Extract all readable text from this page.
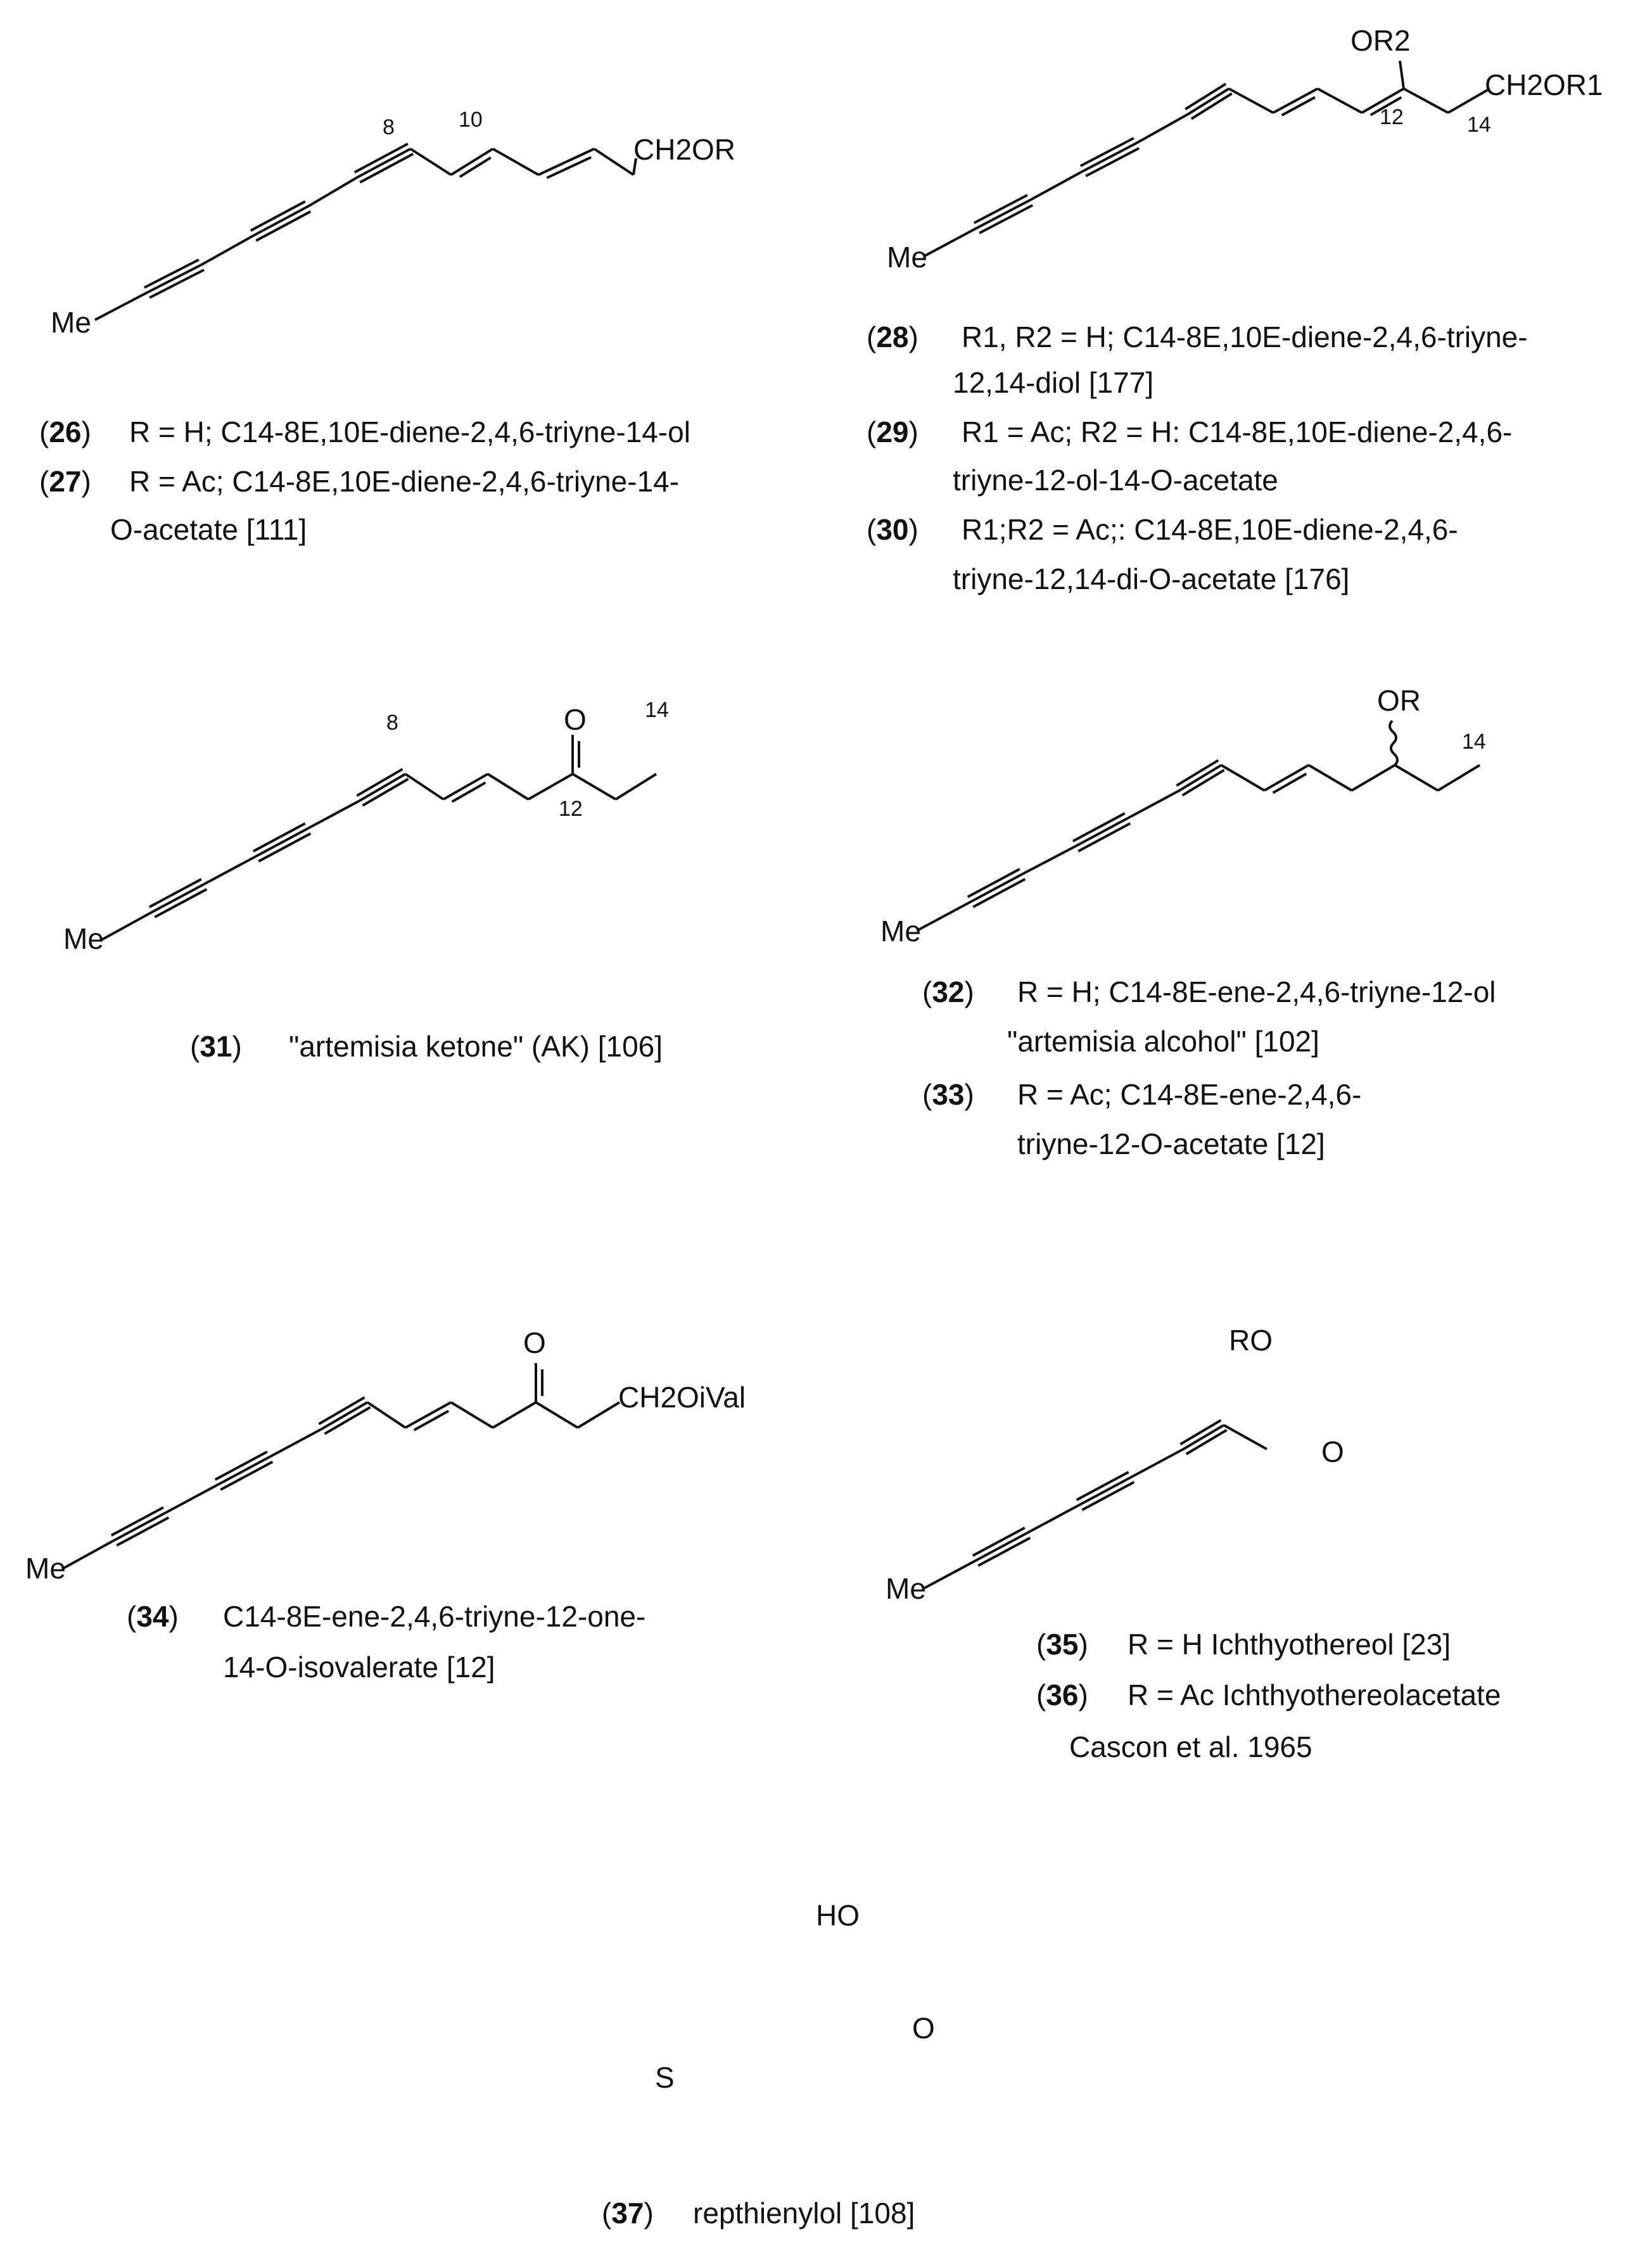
Me
8	10
CH2OR
Me
OR2
CH2OR1
12	14
Me
8	O	14
12
Me
OR
14
Me
O
CH2OiVal
Me
RO
O
HO
O
S
(26) R = H; C14-8E,10E-diene-2,4,6-triyne-14-ol
(27) R = Ac; C14-8E,10E-diene-2,4,6-triyne-14-
O-acetate [111]
(28) R1, R2 = H; C14-8E,10E-diene-2,4,6-triyne-
12,14-diol [177]
(29) R1 = Ac; R2 = H: C14-8E,10E-diene-2,4,6-
triyne-12-ol-14-O-acetate
(30) R1;R2 = Ac;: C14-8E,10E-diene-2,4,6-
triyne-12,14-di-O-acetate [176]
(31) "artemisia ketone" (AK) [106]
(32) R = H; C14-8E-ene-2,4,6-triyne-12-ol
"artemisia alcohol" [102]
(33) R = Ac; C14-8E-ene-2,4,6-
triyne-12-O-acetate [12]
(34) C14-8E-ene-2,4,6-triyne-12-one-
14-O-isovalerate [12]
(35) R = H Ichthyothereol [23]
(36) R = Ac Ichthyothereolacetate
Cascon et al. 1965
(37) repthienylol [108]
